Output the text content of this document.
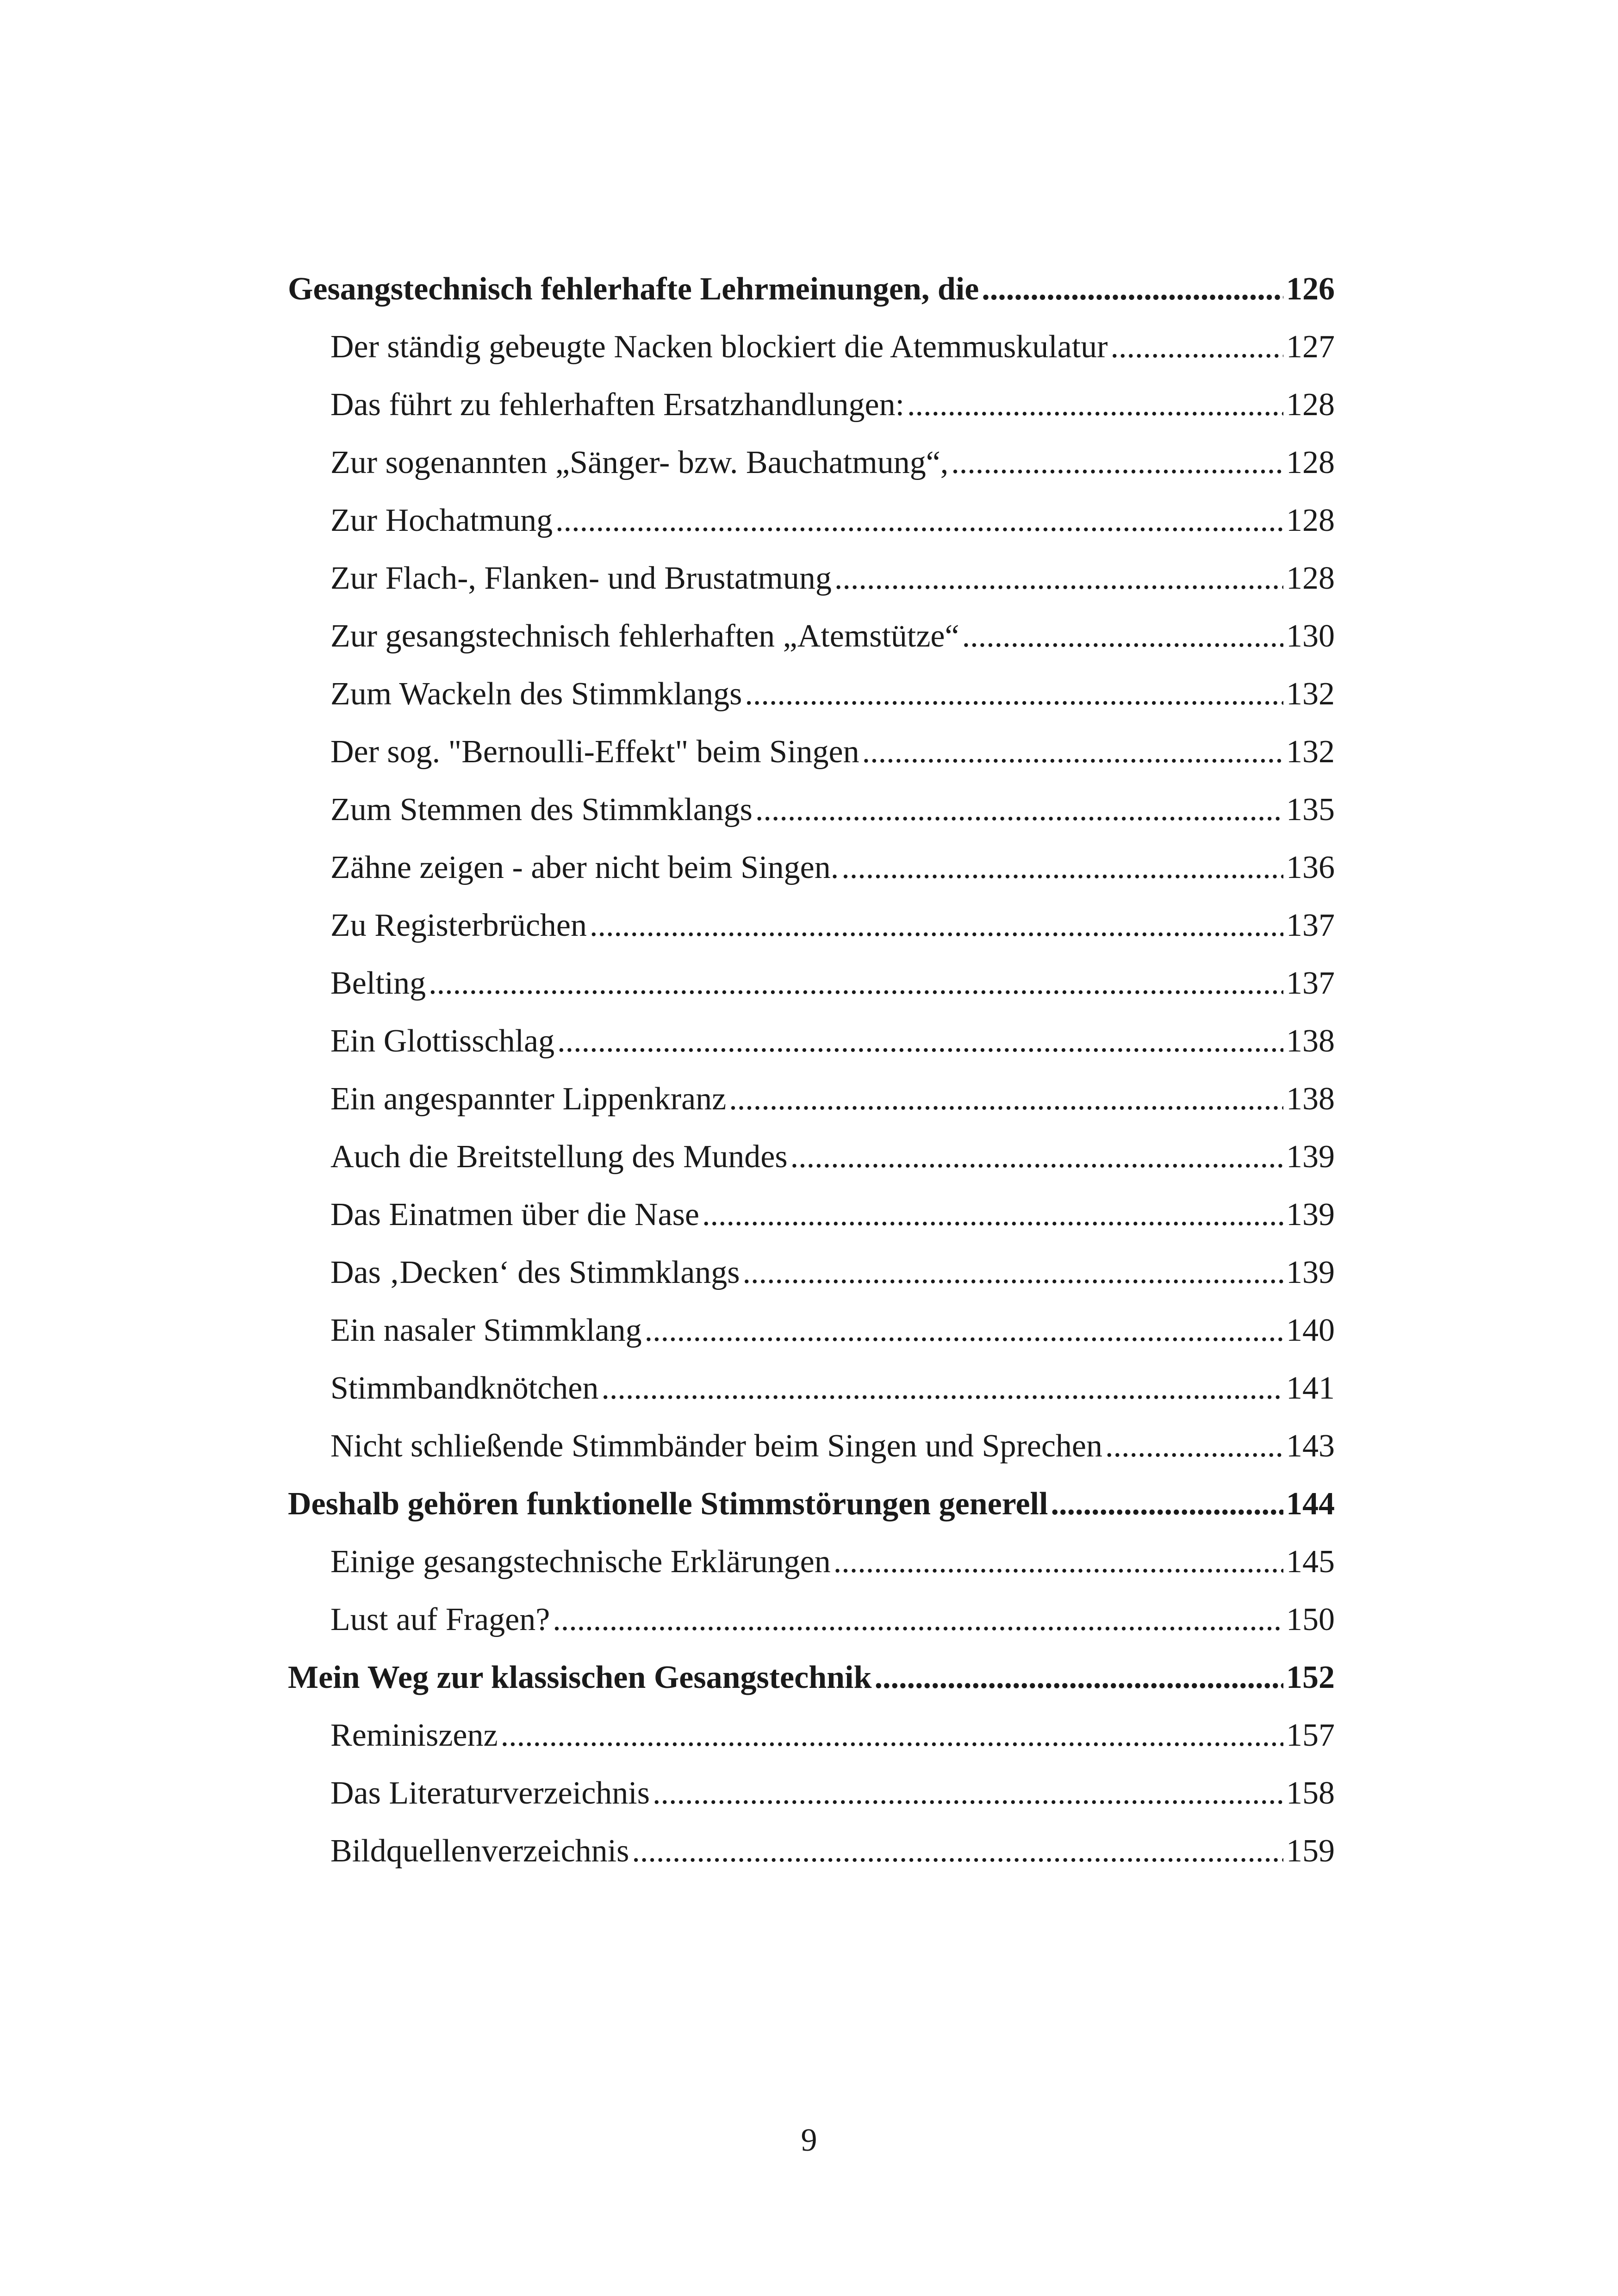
Gesangstechnisch fehlerhafte Lehrmeinungen, die .....	126
Der ständig gebeugte Nacken blockiert die Atemmuskulatur .....	127
Das führt zu fehlerhaften Ersatzhandlungen: .....	128
Zur sogenannten „Sänger- bzw. Bauchatmung“, .....	128
Zur Hochatmung .....	128
Zur Flach-, Flanken- und Brustatmung .....	128
Zur gesangstechnisch fehlerhaften „Atemstütze“ .....	130
Zum Wackeln des Stimmklangs .....	132
Der sog. "Bernoulli-Effekt" beim Singen .....	132
Zum Stemmen des Stimmklangs .....	135
Zähne zeigen - aber nicht beim Singen. .....	136
Zu Registerbrüchen .....	137
Belting .....	137
Ein Glottisschlag .....	138
Ein angespannter Lippenkranz .....	138
Auch die Breitstellung des Mundes .....	139
Das Einatmen über die Nase .....	139
Das ‚Decken‘ des Stimmklangs .....	139
Ein nasaler Stimmklang .....	140
Stimmbandknötchen .....	141
Nicht schließende Stimmbänder beim Singen und Sprechen .....	143
Deshalb gehören funktionelle Stimmstörungen generell .....	144
Einige gesangstechnische Erklärungen .....	145
Lust auf Fragen? .....	150
Mein Weg zur klassischen Gesangstechnik .....	152
Reminiszenz .....	157
Das Literaturverzeichnis .....	158
Bildquellenverzeichnis .....	159
9
